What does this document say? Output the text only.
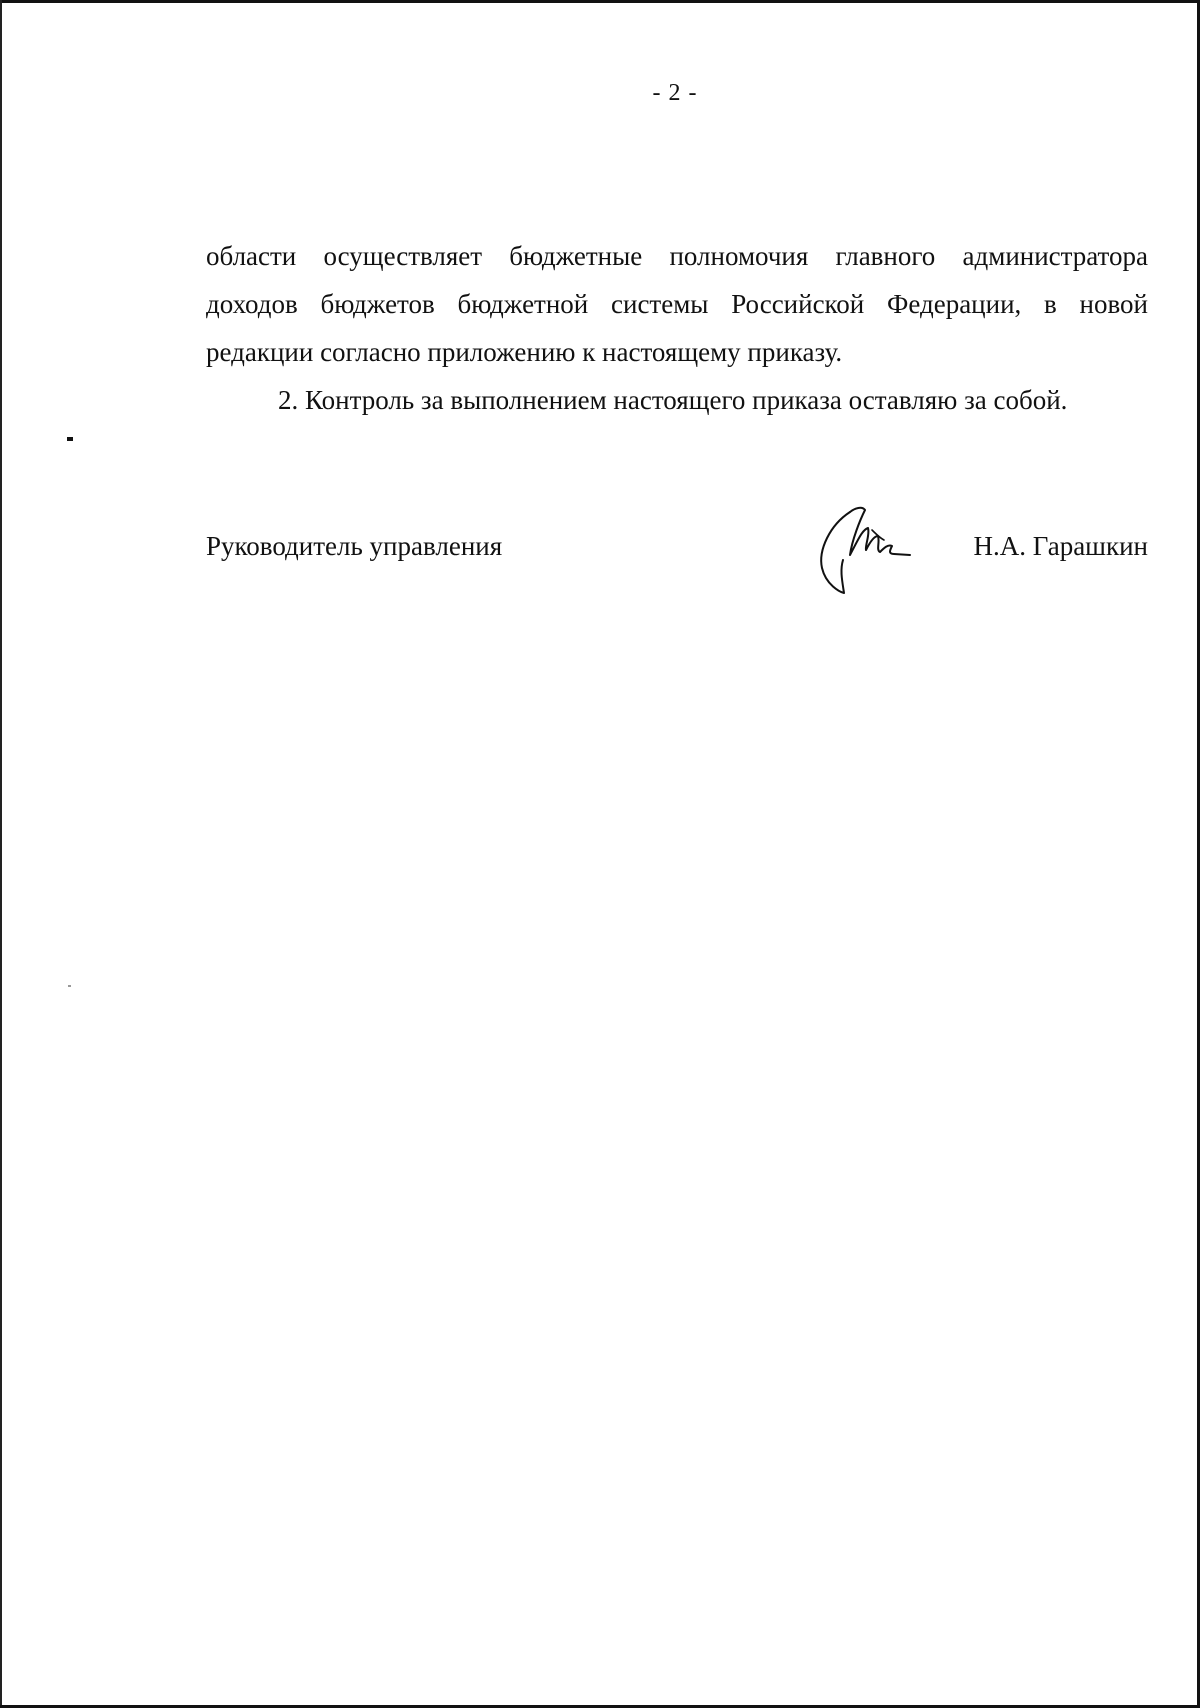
- 2 -
области осуществляет бюджетные полномочия главного администратора
доходов бюджетов бюджетной системы Российской Федерации, в новой
редакции согласно приложению к настоящему приказу.
2. Контроль за выполнением настоящего приказа оставляю за собой.
Руководитель управления	Н.А. Гарашкин
